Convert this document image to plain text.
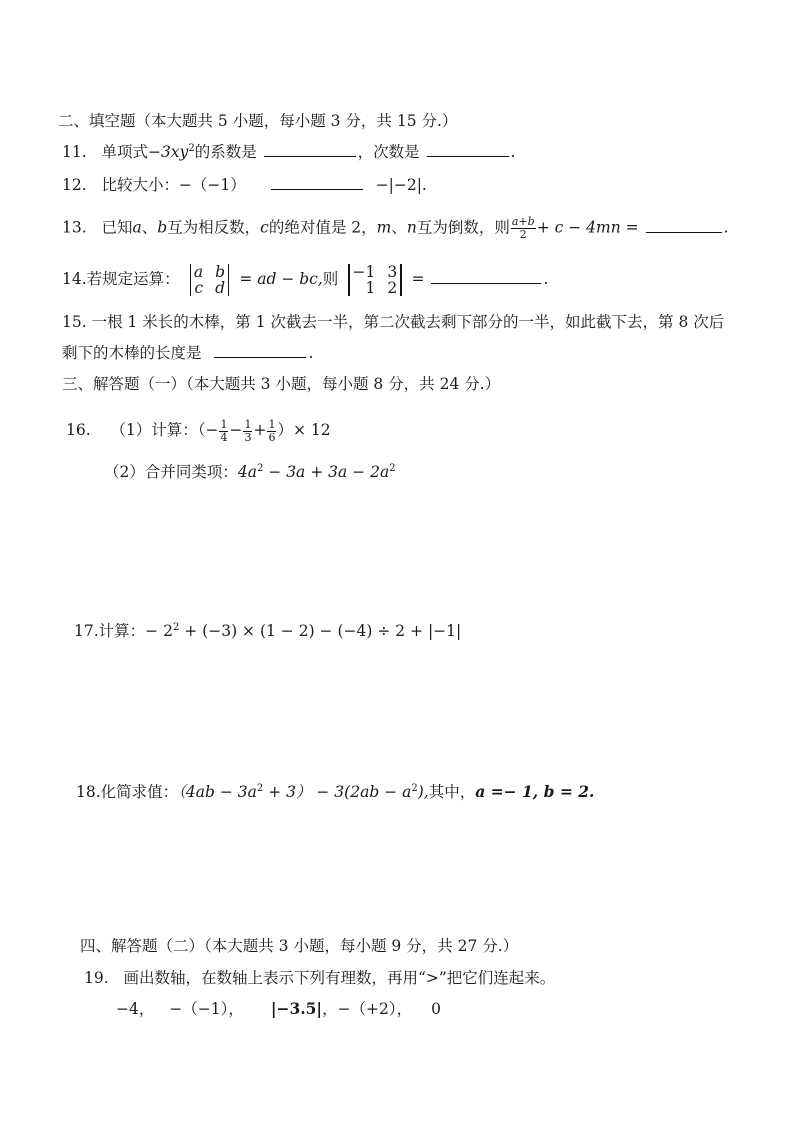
二、填空题（本大题共 5 小题，每小题 3 分，共 15 分.）
11. 单项式$-3xy^2$的系数是	，次数是	.
12. 比较大小：−（−1）	−|−2|.
13. 已知a、b互为相反数，c的绝对值是 2，m、n互为倒数，则 $\frac{a+b}{2} + c - 4mn$ =	.
14.若规定运算： a b
c d = ad − bc,则 −1 3
1 2 =	.
15. 一根 1 米长的木棒，第 1 次截去一半，第二次截去剩下部分的一半，如此截下去，第 8 次后
剩下的木棒的长度是	.
三、解答题（一）（本大题共 3 小题，每小题 8 分，共 24 分.）
16. （1）计算：（− $\frac{1}{4} - \frac{1}{3} + \frac{1}{6}$ ）× 12
（2）合并同类项：$4a^2 - 3a + 3a - 2a^2$
17.计算：− $2^2 + (-3) \times (1 - 2) - (-4) \div 2 + |-1|$
18.化简求值：$(4ab - 3a^2 + 3) - 3(2ab - a^2)$,其中，a =− 1, b = 2.
四、解答题（二）（本大题共 3 小题，每小题 9 分，共 27 分.）
19. 画出数轴，在数轴上表示下列有理数，再用“>”把它们连起来。
−4， −（−1）， |−3.5|，−（+2）， 0
